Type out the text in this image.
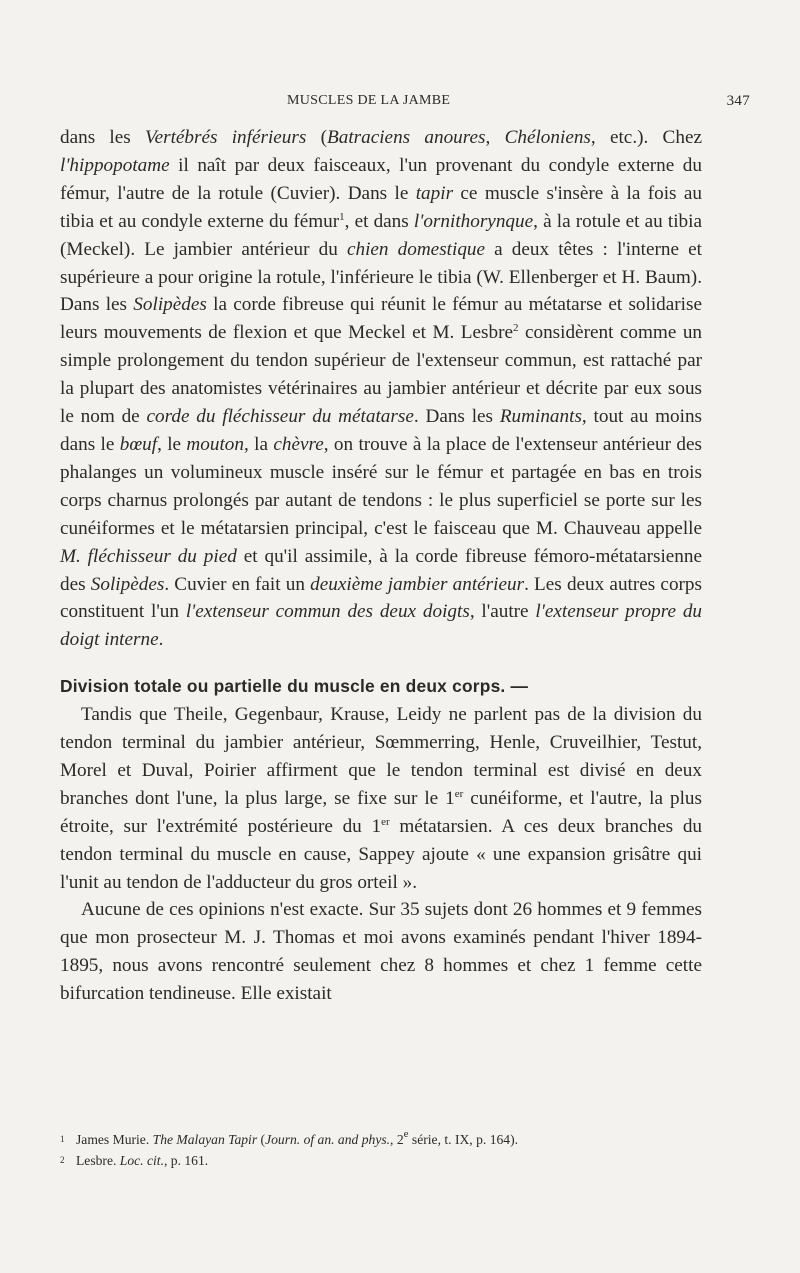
MUSCLES DE LA JAMBE	347

dans les Vertébrés inférieurs (Batraciens anoures, Chéloniens, etc.). Chez l'hippopotame il naît par deux faisceaux, l'un provenant du condyle externe du fémur, l'autre de la rotule (Cuvier). Dans le tapir ce muscle s'insère à la fois au tibia et au condyle externe du fémur$^1$, et dans l'ornithorynque, à la rotule et au tibia (Meckel). Le jambier antérieur du chien domestique a deux têtes : l'interne et supérieure a pour origine la rotule, l'inférieure le tibia (W. Ellenberger et H. Baum). Dans les Solipèdes la corde fibreuse qui réunit le fémur au métatarse et solidarise leurs mouvements de flexion et que Meckel et M. Lesbre$^2$ considèrent comme un simple prolongement du tendon supérieur de l'extenseur commun, est rattaché par la plupart des anatomistes vétérinaires au jambier antérieur et décrite par eux sous le nom de corde du fléchisseur du métatarse. Dans les Ruminants, tout au moins dans le bœuf, le mouton, la chèvre, on trouve à la place de l'extenseur antérieur des phalanges un volumineux muscle inséré sur le fémur et partagée en bas en trois corps charnus prolongés par autant de tendons : le plus superficiel se porte sur les cunéiformes et le métatarsien principal, c'est le faisceau que M. Chauveau appelle M. fléchisseur du pied et qu'il assimile, à la corde fibreuse fémoro-métatarsienne des Solipèdes. Cuvier en fait un deuxième jambier antérieur. Les deux autres corps constituent l'un l'extenseur commun des deux doigts, l'autre l'extenseur propre du doigt interne.

Division totale ou partielle du muscle en deux corps. —

Tandis que Theile, Gegenbaur, Krause, Leidy ne parlent pas de la division du tendon terminal du jambier antérieur, Sœmmerring, Henle, Cruveilhier, Testut, Morel et Duval, Poirier affirment que le tendon terminal est divisé en deux branches dont l'une, la plus large, se fixe sur le 1er cunéiforme, et l'autre, la plus étroite, sur l'extrémité postérieure du 1er métatarsien. A ces deux branches du tendon terminal du muscle en cause, Sappey ajoute « une expansion grisâtre qui l'unit au tendon de l'adducteur du gros orteil ».

Aucune de ces opinions n'est exacte. Sur 35 sujets dont 26 hommes et 9 femmes que mon prosecteur M. J. Thomas et moi avons examinés pendant l'hiver 1894-1895, nous avons rencontré seulement chez 8 hommes et chez 1 femme cette bifurcation tendineuse. Elle existait

1 James Murie. The Malayan Tapir (Journ. of an. and phys., 2e série, t. IX, p. 164).

2 Lesbre. Loc. cit., p. 161.
